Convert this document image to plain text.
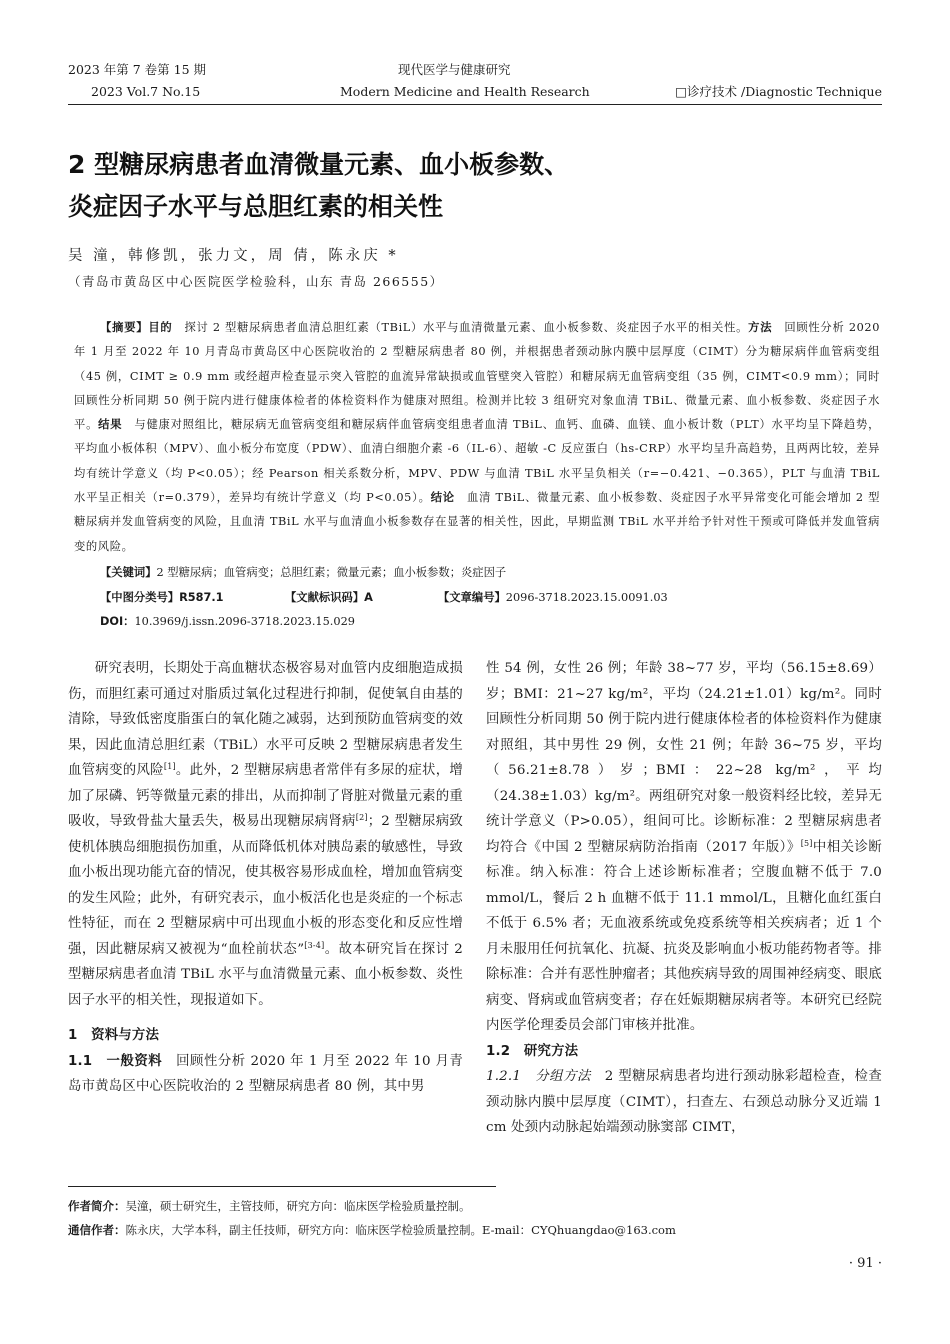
2023 年第 7 卷第 15 期
2023 Vol.7 No.15
现代医学与健康研究
Modern Medicine and Health Research	□诊疗技术 /Diagnostic Technique
2 型糖尿病患者血清微量元素、血小板参数、
炎症因子水平与总胆红素的相关性
吴 潼，韩修凯，张力文，周 倩，陈永庆 *
（青岛市黄岛区中心医院医学检验科，山东 青岛 266555）
【摘要】目的　 探讨 2 型糖尿病患者血清总胆红素（TBiL）水平与血清微量元素、血小板参数、炎症因子水平的相关性。方法　 回顾性分析 2020 年 1 月至 2022 年 10 月青岛市黄岛区中心医院收治的 2 型糖尿病患者 80 例，并根据患者颈动脉内膜中层厚度（CIMT）分为糖尿病伴血管病变组（45 例，CIMT ≥ 0.9 mm 或经超声检查显示突入管腔的血流异常缺损或血管壁突入管腔）和糖尿病无血管病变组（35 例，CIMT<0.9 mm）；同时回顾性分析同期 50 例于院内进行健康体检者的体检资料作为健康对照组。检测并比较 3 组研究对象血清 TBiL、微量元素、血小板参数、炎症因子水平。结果　 与健康对照组比，糖尿病无血管病变组和糖尿病伴血管病变组患者血清 TBiL、血钙、血磷、血镁、血小板计数（PLT）水平均呈下降趋势，平均血小板体积（MPV）、血小板分布宽度（PDW）、血清白细胞介素 -6（IL-6）、超敏 -C 反应蛋白（hs-CRP）水平均呈升高趋势，且两两比较，差异均有统计学意义（均 P<0.05）；经 Pearson 相关系数分析，MPV、PDW 与血清 TBiL 水平呈负相关（r=−0.421、−0.365），PLT 与血清 TBiL 水平呈正相关（r=0.379），差异均有统计学意义（均 P<0.05）。结论　 血清 TBiL、微量元素、血小板参数、炎症因子水平异常变化可能会增加 2 型糖尿病并发血管病变的风险，且血清 TBiL 水平与血清血小板参数存在显著的相关性，因此，早期监测 TBiL 水平并给予针对性干预或可降低并发血管病变的风险。
【关键词】2 型糖尿病；血管病变；总胆红素；微量元素；血小板参数；炎症因子
【中图分类号】R587.1	【文献标识码】A	【文章编号】2096-3718.2023.15.0091.03
DOI：10.3969/j.issn.2096-3718.2023.15.029

研究表明，长期处于高血糖状态极容易对血管内皮细胞造成损伤，而胆红素可通过对脂质过氧化过程进行抑制，促使氧自由基的清除，导致低密度脂蛋白的氧化随之减弱，达到预防血管病变的效果，因此血清总胆红素（TBiL）水平可反映 2 型糖尿病患者发生血管病变的风险[1]。此外，2 型糖尿病患者常伴有多尿的症状，增加了尿磷、钙等微量元素的排出，从而抑制了肾脏对微量元素的重吸收，导致骨盐大量丢失，极易出现糖尿病肾病[2]；2 型糖尿病致使机体胰岛细胞损伤加重，从而降低机体对胰岛素的敏感性，导致血小板出现功能亢奋的情况，使其极容易形成血栓，增加血管病变的发生风险；此外，有研究表示，血小板活化也是炎症的一个标志性特征，而在 2 型糖尿病中可出现血小板的形态变化和反应性增强，因此糖尿病又被视为“血栓前状态”[3-4]。故本研究旨在探讨 2 型糖尿病患者血清 TBiL 水平与血清微量元素、血小板参数、炎性因子水平的相关性，现报道如下。

1　资料与方法

1.1　一般资料　 回顾性分析 2020 年 1 月至 2022 年 10 月青岛市黄岛区中心医院收治的 2 型糖尿病患者 80 例，其中男

性 54 例，女性 26 例；年龄 38~77 岁，平均（56.15±8.69）岁；BMI：21~27 kg/m²，平均（24.21±1.01）kg/m²。同时回顾性分析同期 50 例于院内进行健康体检者的体检资料作为健康对照组，其中男性 29 例，女性 21 例；年龄 36~75 岁，平均（56.21±8.78）岁；BMI：22~28 kg/m²，平均（24.38±1.03）kg/m²。两组研究对象一般资料经比较，差异无统计学意义（P>0.05），组间可比。诊断标准：2 型糖尿病患者均符合《中国 2 型糖尿病防治指南（2017 年版）》[5]中相关诊断标准。纳入标准：符合上述诊断标准者；空腹血糖不低于 7.0 mmol/L，餐后 2 h 血糖不低于 11.1 mmol/L，且糖化血红蛋白不低于 6.5% 者；无血液系统或免疫系统等相关疾病者；近 1 个月未服用任何抗氧化、抗凝、抗炎及影响血小板功能药物者等。排除标准：合并有恶性肿瘤者；其他疾病导致的周围神经病变、眼底病变、肾病或血管病变者；存在妊娠期糖尿病者等。本研究已经院内医学伦理委员会部门审核并批准。

1.2　研究方法

1.2.1　分组方法　 2 型糖尿病患者均进行颈动脉彩超检查，检查颈动脉内膜中层厚度（CIMT），扫查左、右颈总动脉分叉近端 1 cm 处颈内动脉起始端颈动脉窦部 CIMT，

作者简介：吴潼，硕士研究生，主管技师，研究方向：临床医学检验质量控制。
通信作者：陈永庆，大学本科，副主任技师，研究方向：临床医学检验质量控制。E-mail：CYQhuangdao@163.com
· 91 ·
